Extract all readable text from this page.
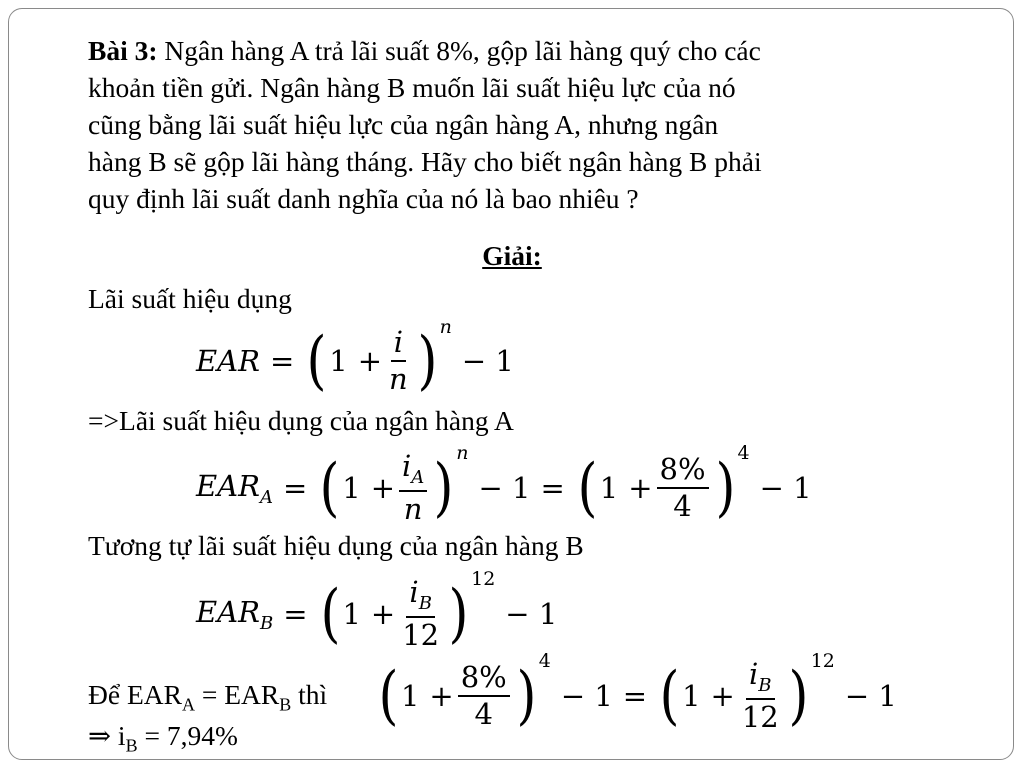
Bài 3: Ngân hàng A trả lãi suất 8%, gộp lãi hàng quý cho các
khoản tiền gửi. Ngân hàng B muốn lãi suất hiệu lực của nó
cũng bằng lãi suất hiệu lực của ngân hàng A, nhưng ngân
hàng B sẽ gộp lãi hàng tháng. Hãy cho biết ngân hàng B phải
quy định lãi suất danh nghĩa của nó là bao nhiêu ?
Giải:
Lãi suất hiệu dụng
EAR = ( $1 + \frac{i}{n}$ ) n
− 1
=>Lãi suất hiệu dụng của ngân hàng A
$EAR_A$ = ( $1 + \frac{i_A}{n}$ ) n
− 1 = ( $1 + \frac{8\%}{4}$ ) 4
− 1
Tương tự lãi suất hiệu dụng của ngân hàng B
$EAR_B$ = ( $1 + \frac{i_B}{12}$ ) 12
− 1
Để $EAR_A = EAR_B$ thì ( $1 + \frac{8\%}{4}$ ) 4
− 1 = ( $1 + \frac{i_B}{12}$ ) 12
− 1
⇒ $i_B = 7,94\%$
